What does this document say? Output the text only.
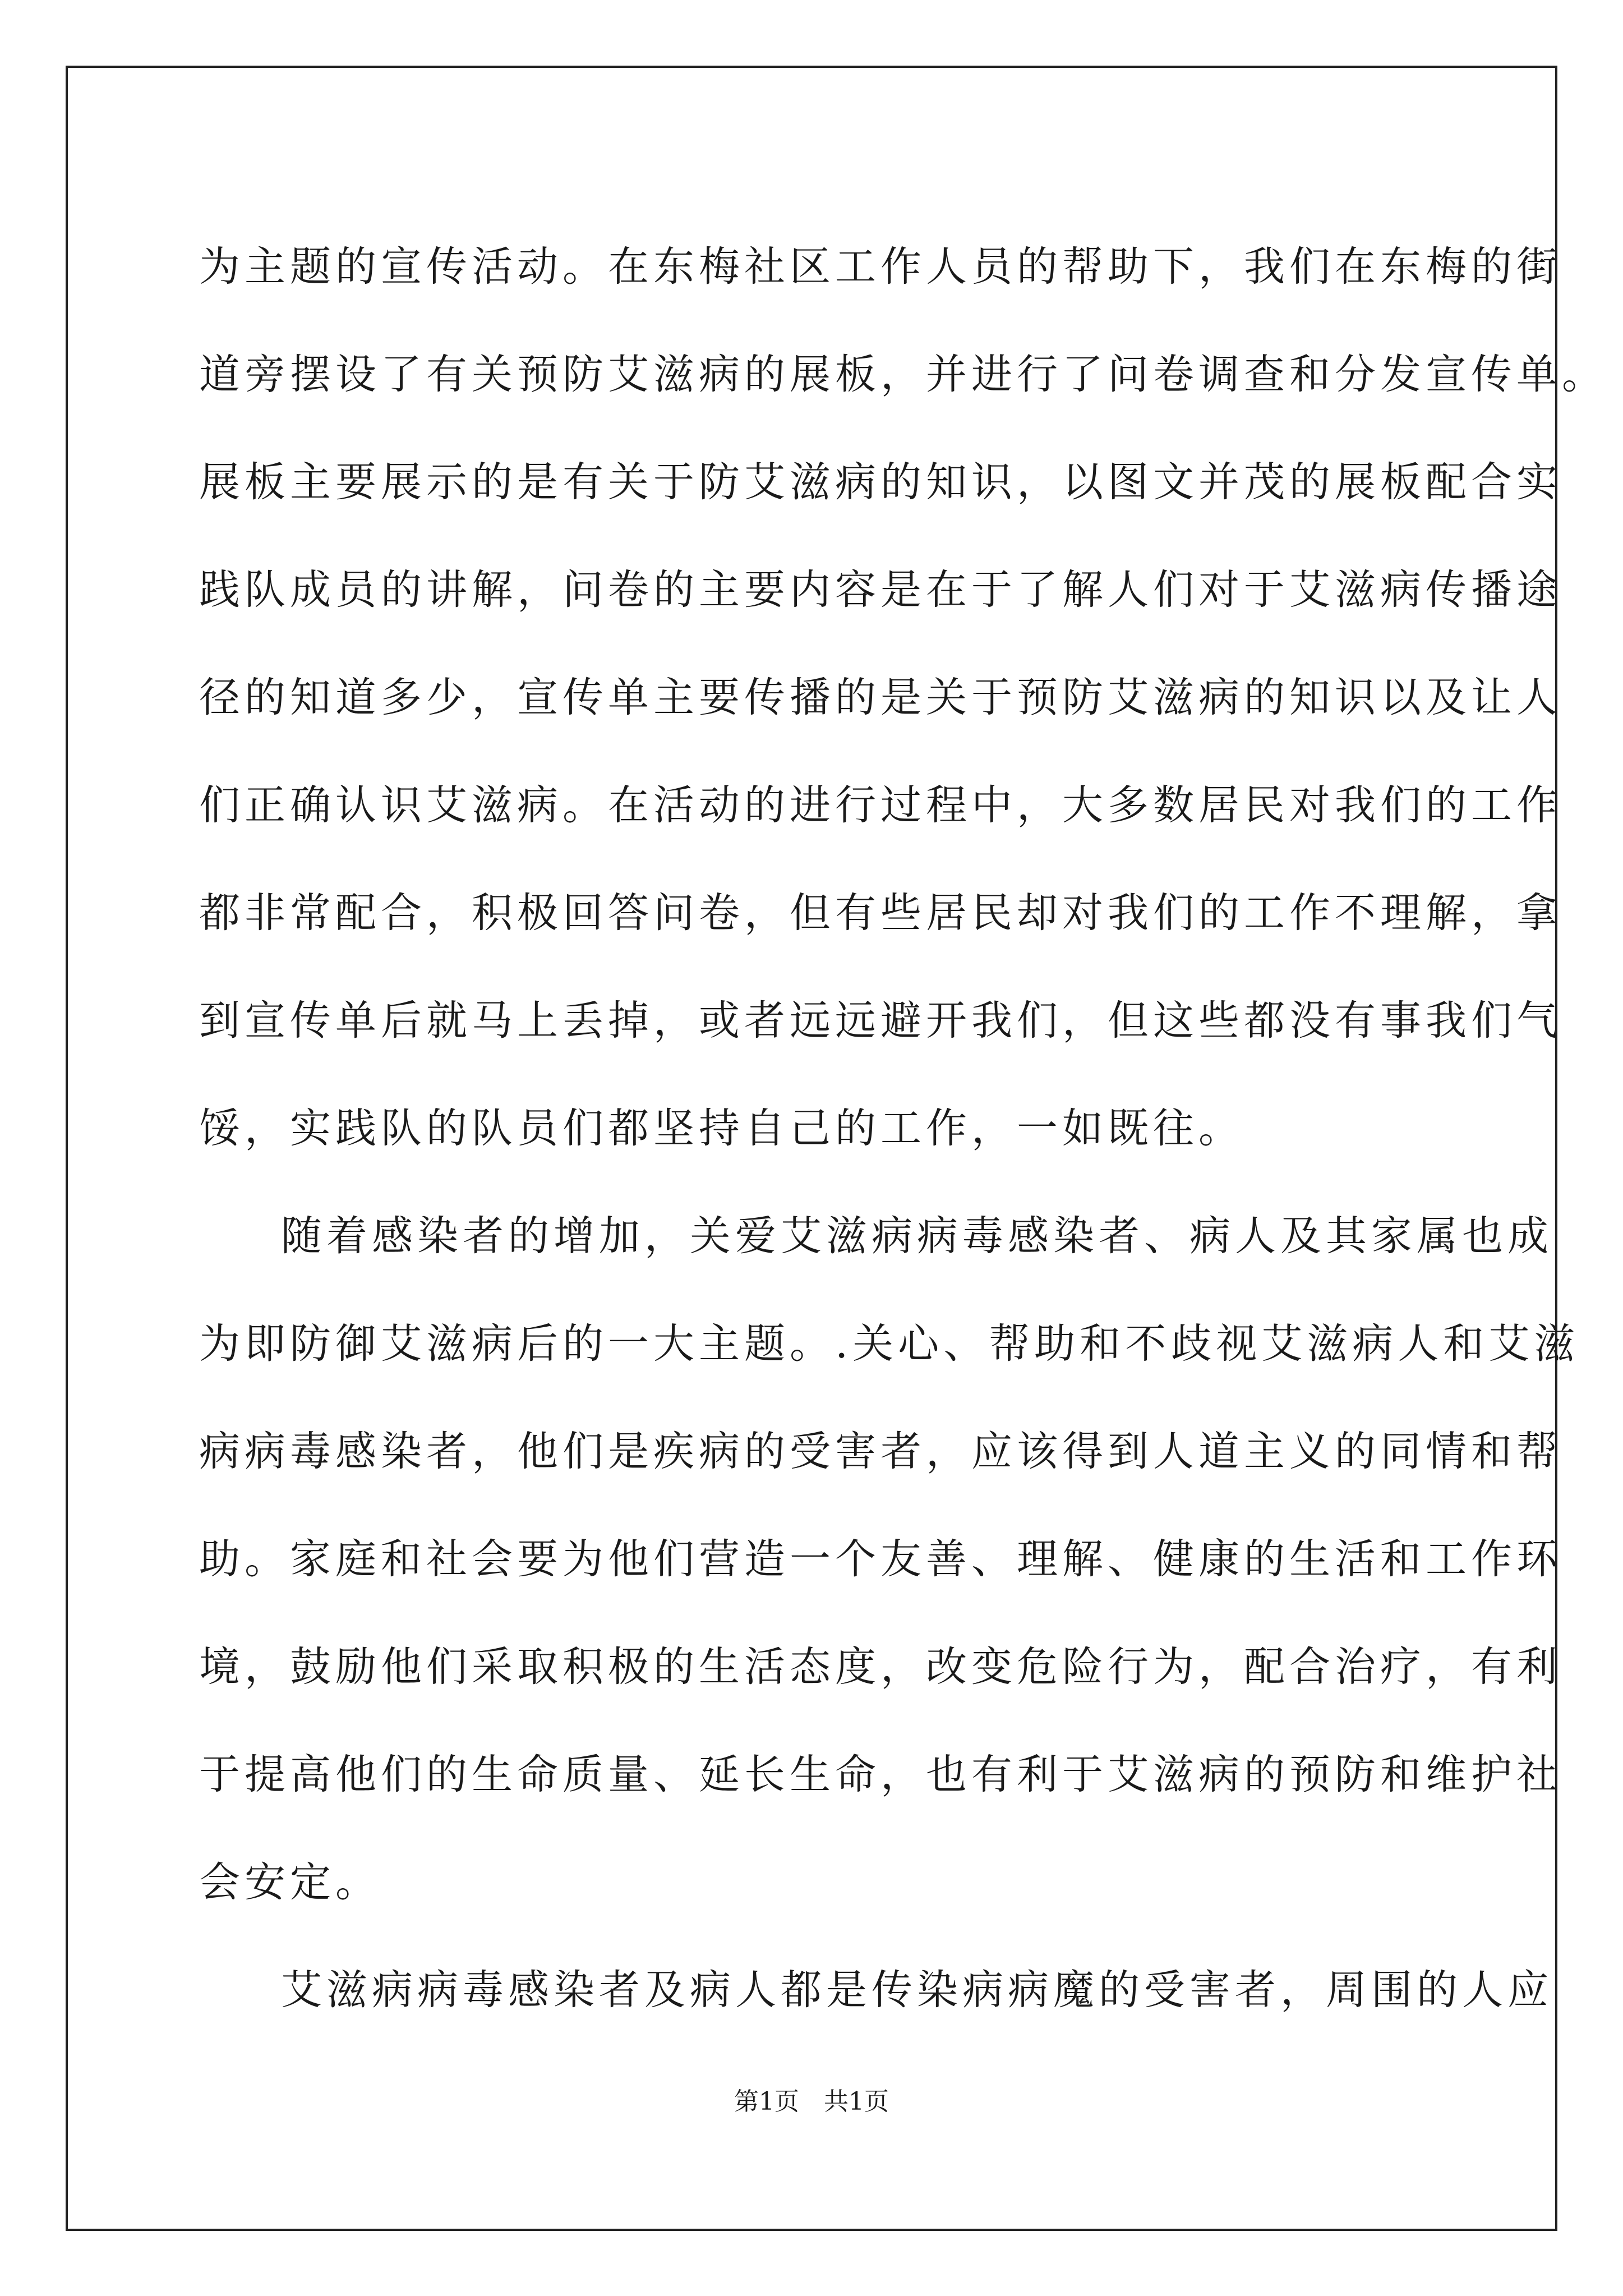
为主题的宣传活动。在东梅社区工作人员的帮助下，我们在东梅的街
道旁摆设了有关预防艾滋病的展板，并进行了问卷调查和分发宣传单。
展板主要展示的是有关于防艾滋病的知识，以图文并茂的展板配合实
践队成员的讲解，问卷的主要内容是在于了解人们对于艾滋病传播途
径的知道多少，宣传单主要传播的是关于预防艾滋病的知识以及让人
们正确认识艾滋病。在活动的进行过程中，大多数居民对我们的工作
都非常配合，积极回答问卷，但有些居民却对我们的工作不理解，拿
到宣传单后就马上丢掉，或者远远避开我们，但这些都没有事我们气
馁，实践队的队员们都坚持自己的工作，一如既往。
随着感染者的增加，关爱艾滋病病毒感染者、病人及其家属也成
为即防御艾滋病后的一大主题。.关心、帮助和不歧视艾滋病人和艾滋
病病毒感染者，他们是疾病的受害者，应该得到人道主义的同情和帮
助。家庭和社会要为他们营造一个友善、理解、健康的生活和工作环
境，鼓励他们采取积极的生活态度，改变危险行为，配合治疗，有利
于提高他们的生命质量、延长生命，也有利于艾滋病的预防和维护社
会安定。
艾滋病病毒感染者及病人都是传染病病魔的受害者，周围的人应
第1页　共1页
